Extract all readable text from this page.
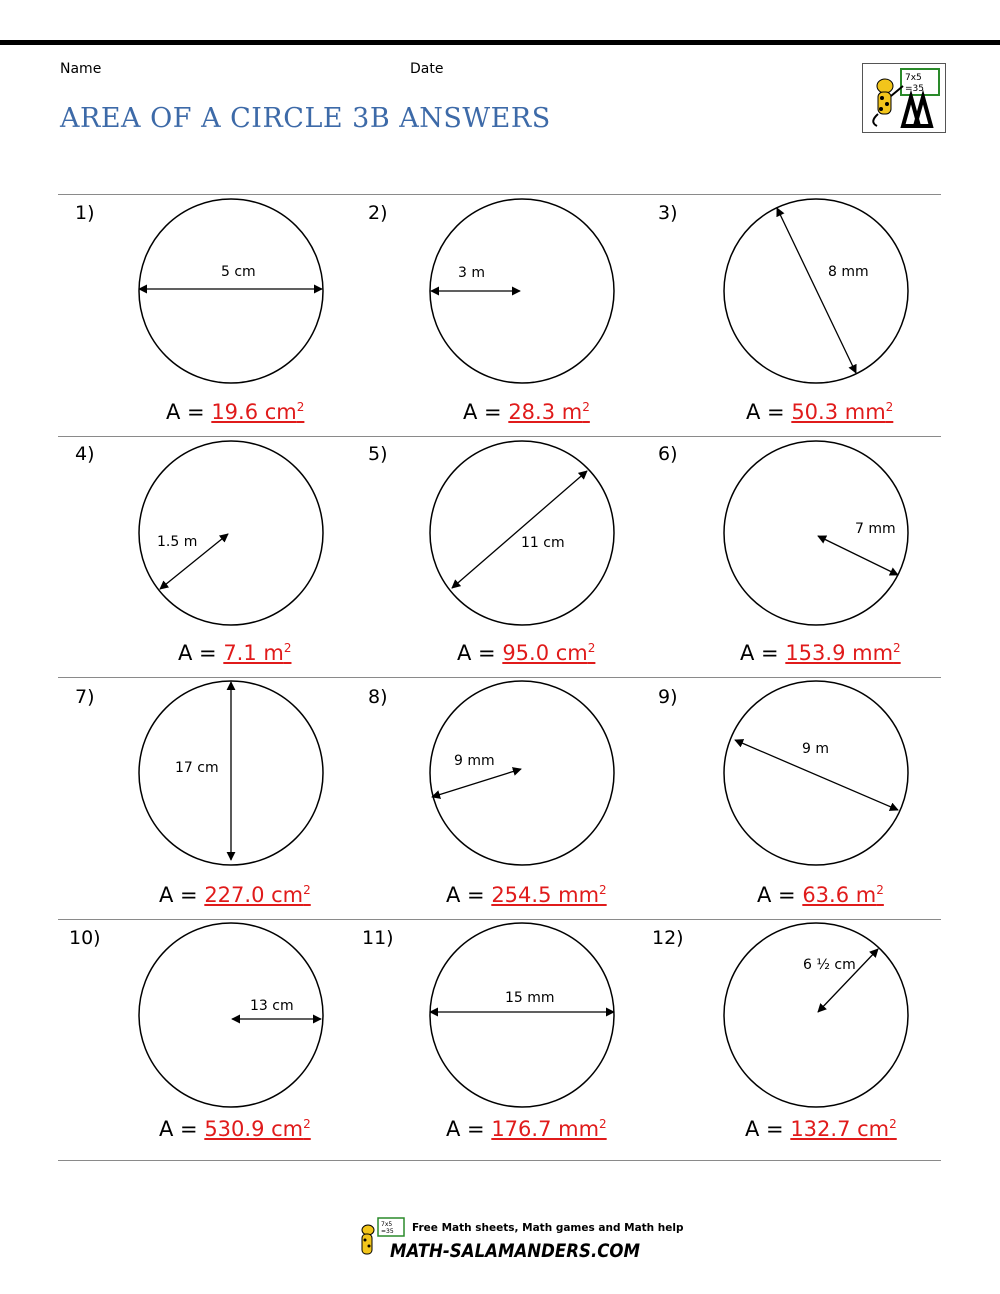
Name	Date
AREA OF A CIRCLE 3B ANSWERS
7x5
=35
1)	2)	3)
4)	5)	6)
7)	8)	9)
10)	11)	12)
5 cm	3 m	8 mm
1.5 m	11 cm
7 mm
17 cm	9 mm
9 m
13 cm	15 mm
6 ½ cm
A = 19.6 $cm^2$	A = 28.3 $m^2$	A = 50.3 $mm^2$
A = 7.1 $m^2$	A = 95.0 $cm^2$	A = 153.9 $mm^2$
A = 227.0 $cm^2$	A = 254.5 $mm^2$	A = 63.6 $m^2$
A = 530.9 $cm^2$	A = 176.7 $mm^2$	A = 132.7 $cm^2$
7x5
=35 Free Math sheets, Math games and Math help
MATH-SALAMANDERS.COM
